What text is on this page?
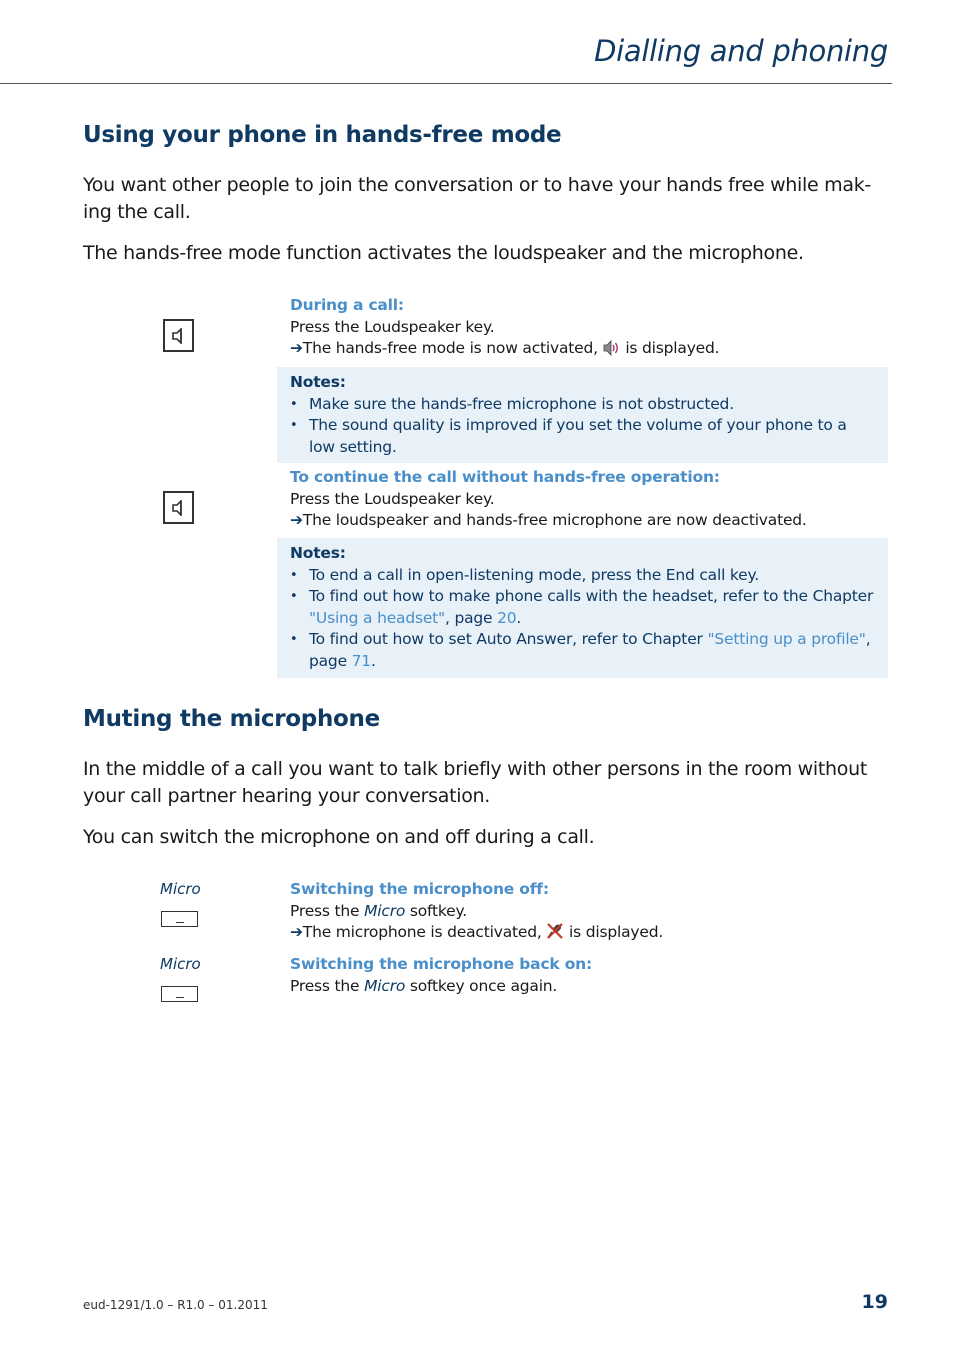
Dialling and phoning
Using your phone in hands-free mode

You want other people to join the conversation or to have your hands free while mak-
ing the call.

The hands-free mode function activates the loudspeaker and the microphone.

During a call:
Press the Loudspeaker key.
➔The hands-free mode is now activated,  is displayed.
Notes:
• Make sure the hands-free microphone is not obstructed.
• The sound quality is improved if you set the volume of your phone to a low setting.
To continue the call without hands-free operation:
Press the Loudspeaker key.
➔The loudspeaker and hands-free microphone are now deactivated.
Notes:
• To end a call in open-listening mode, press the End call key.
• To find out how to make phone calls with the headset, refer to the Chapter "Using a headset", page 20.
• To find out how to set Auto Answer, refer to Chapter "Setting up a profile", page 71.
Muting the microphone

In the middle of a call you want to talk briefly with other persons in the room without
your call partner hearing your conversation.

You can switch the microphone on and off during a call.

Micro	Switching the microphone off:
Press the Micro softkey.
➔The microphone is deactivated,  is displayed.
Micro	Switching the microphone back on:
Press the Micro softkey once again.
eud-1291/1.0 – R1.0 – 01.2011	19
